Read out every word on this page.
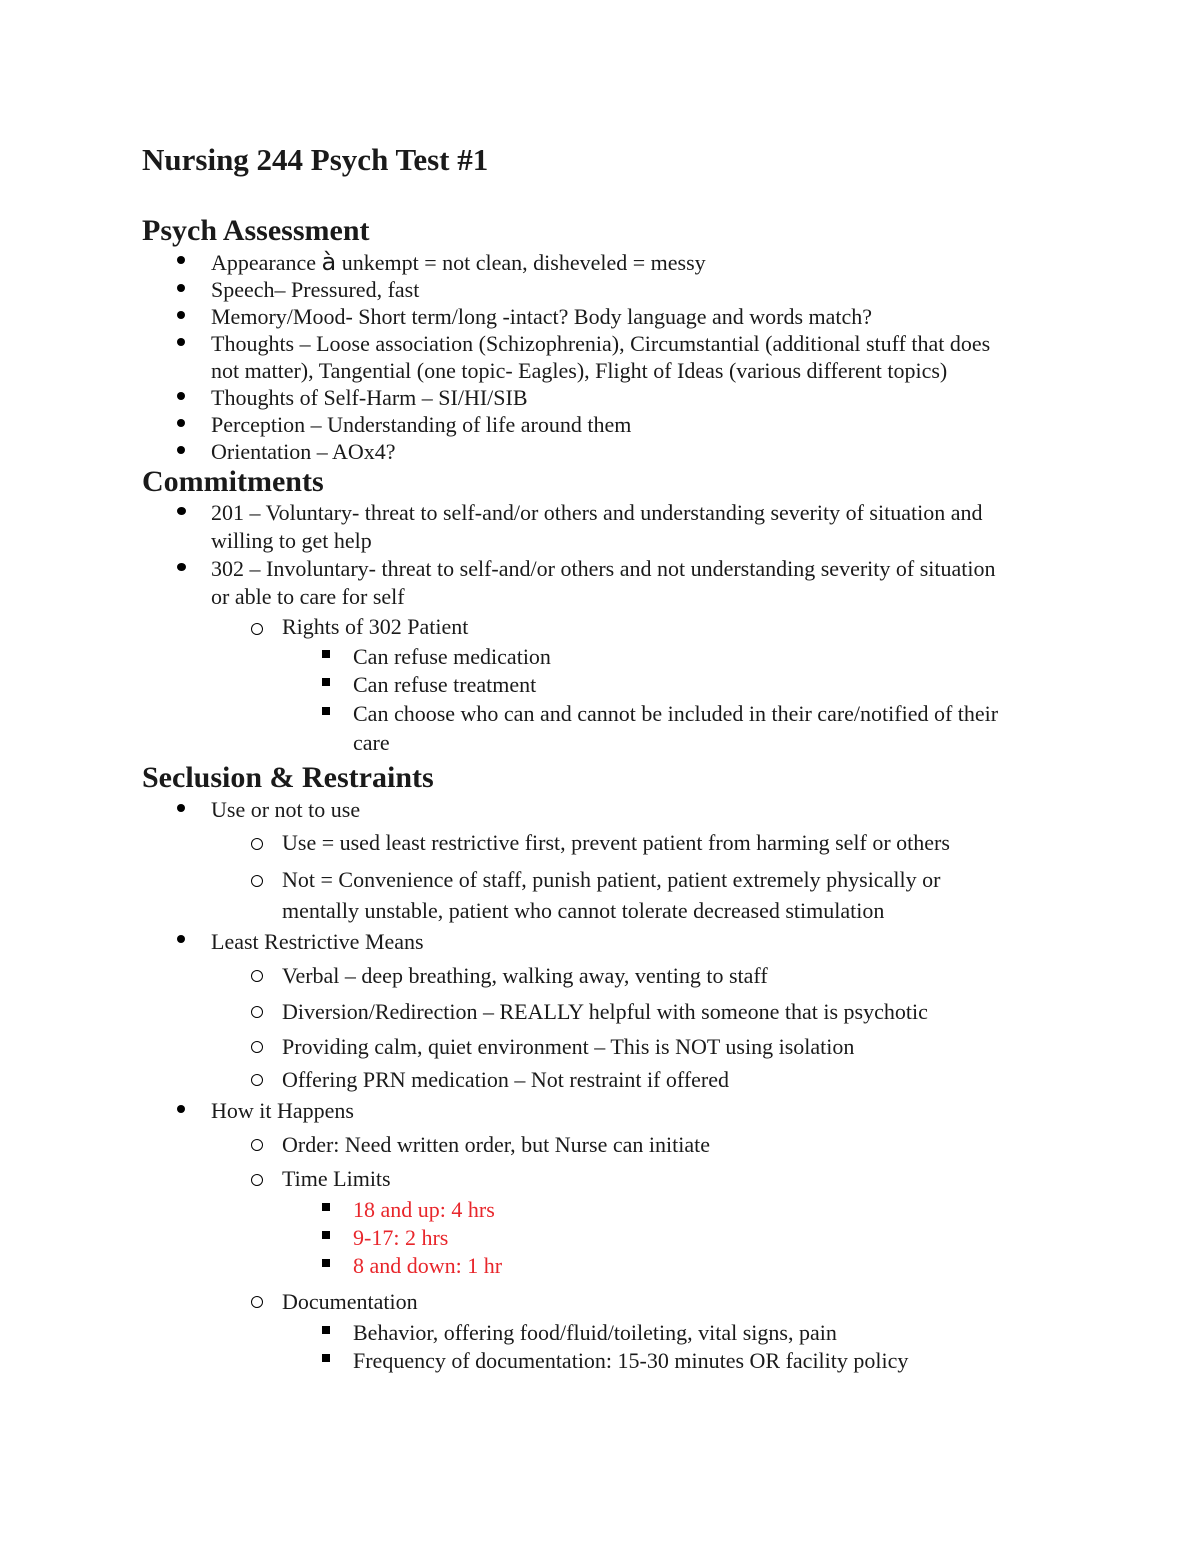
Nursing 244 Psych Test #1
Psych Assessment
Appearance à unkempt = not clean, disheveled = messy
Speech– Pressured, fast
Memory/Mood- Short term/long -intact? Body language and words match?
Thoughts – Loose association (Schizophrenia), Circumstantial (additional stuff that does
not matter), Tangential (one topic- Eagles), Flight of Ideas (various different topics)
Thoughts of Self-Harm – SI/HI/SIB
Perception – Understanding of life around them
Orientation – AOx4?
Commitments
201 – Voluntary- threat to self-and/or others and understanding severity of situation and
willing to get help
302 – Involuntary- threat to self-and/or others and not understanding severity of situation
or able to care for self
Rights of 302 Patient
Can refuse medication
Can refuse treatment
Can choose who can and cannot be included in their care/notified of their
care
Seclusion & Restraints
Use or not to use
Use = used least restrictive first, prevent patient from harming self or others
Not = Convenience of staff, punish patient, patient extremely physically or
mentally unstable, patient who cannot tolerate decreased stimulation
Least Restrictive Means
Verbal – deep breathing, walking away, venting to staff
Diversion/Redirection – REALLY helpful with someone that is psychotic
Providing calm, quiet environment – This is NOT using isolation
Offering PRN medication – Not restraint if offered
How it Happens
Order: Need written order, but Nurse can initiate
Time Limits
18 and up: 4 hrs
9-17: 2 hrs
8 and down: 1 hr
Documentation
Behavior, offering food/fluid/toileting, vital signs, pain
Frequency of documentation: 15-30 minutes OR facility policy
